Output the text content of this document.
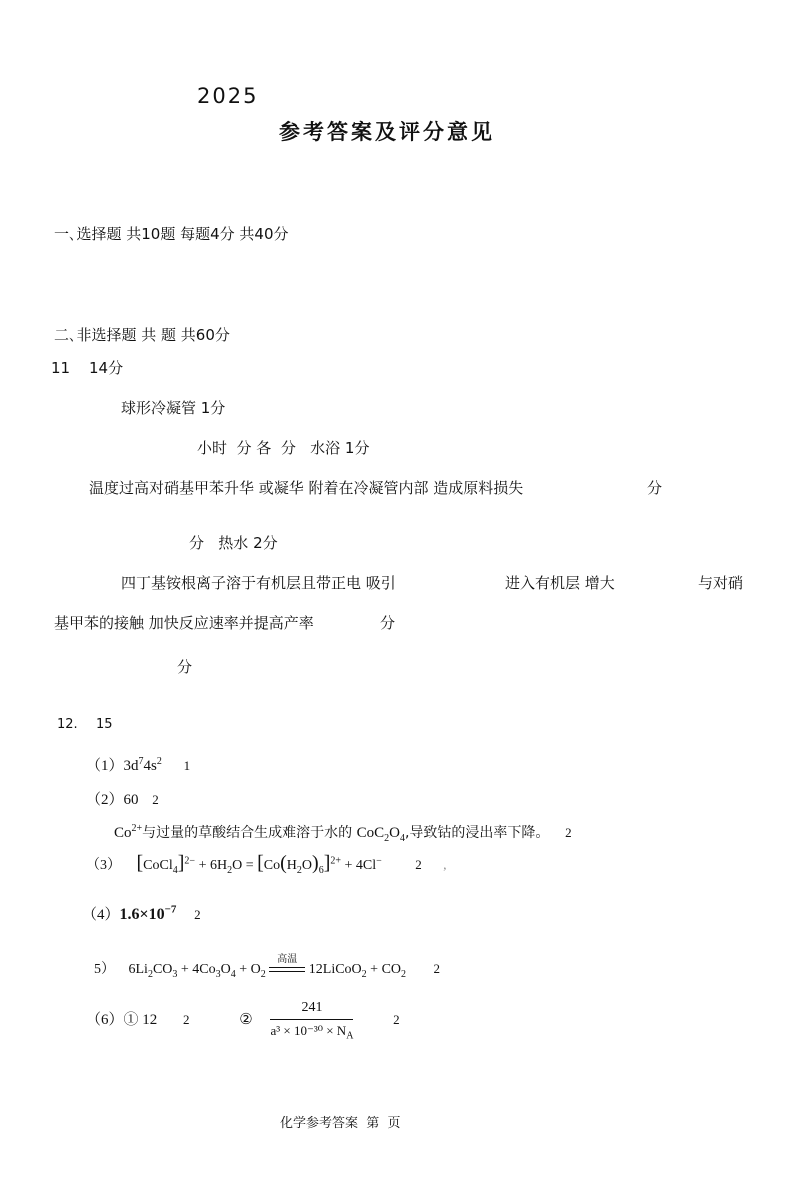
2025
参考答案及评分意见
一､选择题 共10题 每题4分 共40分
二､非选择题 共 题 共60分
11 14分
球形冷凝管 1分
小时  分 各  分   水浴 1分
温度过高对硝基甲苯升华 或凝华 附着在冷凝管内部 造成原料损失	分
分   热水 2分
四丁基铵根离子溶于有机层且带正电 吸引	进入有机层 增大	与对硝
基甲苯的接触 加快反应速率并提高产率	分
分
12. 15
$(1)3d^74s^2$ 1
（2）60 2
$Co^{2+}$与过量的草酸结合生成难溶于水的 $CoC_2O_4$,导致钴的浸出率下降。 2
（3） [CoCl$_4$]$^{2-}$ + $6H_2O = [Co(H_2O)_6]^{2+} + 4Cl^-$	2 ,
$(4)1.6\times 10^{-7}$ 2
5） $6Li_2CO_3 + 4Co_3O_4 + O_2$
高温
12LiCoO$_2$ + $CO_2$ 2
（6）① 12 2	② $\frac{241}{a^3 \times 10^{-30} \times N_A}$	2
化学参考答案  第  页
